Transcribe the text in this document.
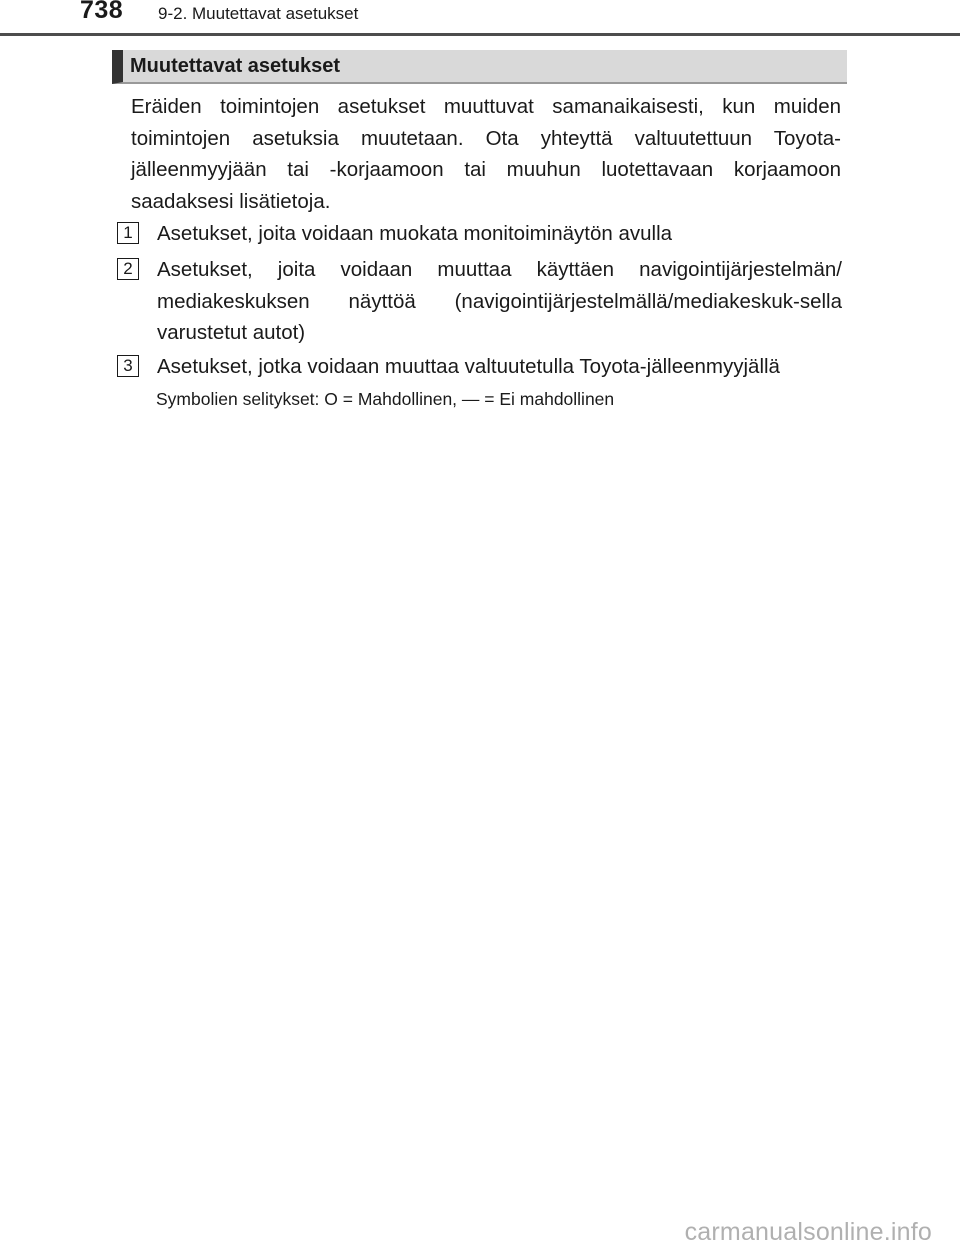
738 9-2. Muutettavat asetukset
Muutettavat asetukset

Eräiden toimintojen asetukset muuttuvat samanaikaisesti, kun muiden toimintojen asetuksia muutetaan. Ota yhteyttä valtuutettuun Toyota-jälleenmyyjään tai -korjaamoon tai muuhun luotettavaan korjaamoon saadaksesi lisätietoja.

1	Asetukset, joita voidaan muokata monitoiminäytön avulla
2	Asetukset, joita voidaan muuttaa käyttäen navigointijärjestelmän/ mediakeskuksen näyttöä (navigointijärjestelmällä/mediakeskuk-sella varustetut autot)
3	Asetukset, jotka voidaan muuttaa valtuutetulla Toyota-jälleenmyyjällä
Symbolien selitykset: O = Mahdollinen, — = Ei mahdollinen
carmanualsonline.info
